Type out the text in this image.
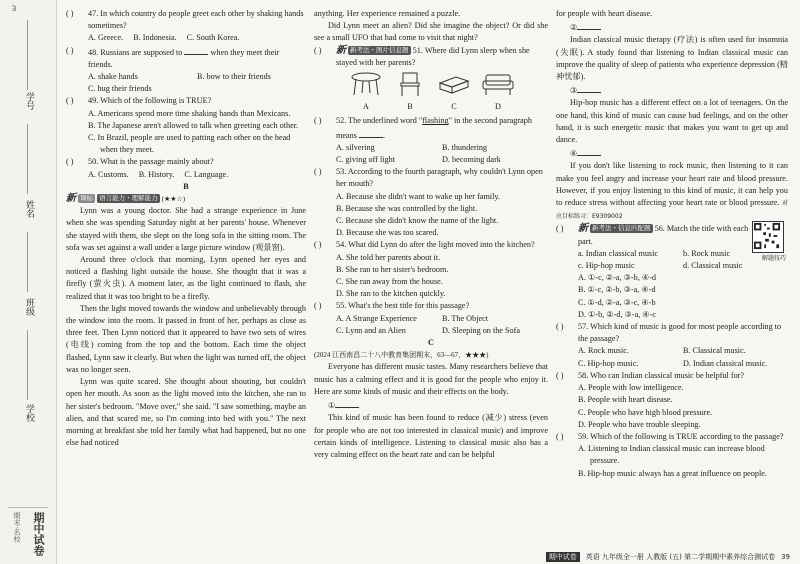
3
学号
姓名
班级
学校
期中试卷
期末·名校
( )	47. In which country do people greet each other by shaking hands sometimes?
A. Greece. B. Indonesia. C. South Korea.
( )	48. Russians are supposed to	when they meet their friends.
A. shake hands	B. bow to their friends
C. hug their friends
( )	49. Which of the following is TRUE?
A. Americans spend more time shaking hands than Mexicans.
B. The Japanese aren't allowed to talk when greeting each other.
C. In Brazil, people are used to patting each other on the head when they meet.
( )	50. What is the passage mainly about?
A. Customs. B. History. C. Language.

B

新 课标 语言能力・理解能力 (★★☆)

Lynn was a young doctor. She had a strange experience in June when she was spending Saturday night at her parents' house. Whenever she stayed with them, she slept on the long sofa in the sitting room. The sofa was set against a wall under a large picture window (观景窗).

Around three o'clock that morning, Lynn opened her eyes and noticed a flashing light outside the house. She thought that it was a firefly (萤火虫). A moment later, as the light continued to flash, she realized that it was too bright to be a firefly.

Then the light moved towards the window and unbelievably through the window into the room. It passed in front of her, perhaps as close as three feet. Then Lynn noticed that it appeared to have two sets of wires (电线) coming from the top and the bottom. Each time the object flashed, Lynn saw it clearly. But when the light was turned off, the object was no longer seen.

Lynn was quite scared. She thought about shouting, but couldn't open her mouth. As soon as the light moved into the kitchen, she ran to her sister's bedroom. "Move over," she said. "I saw something, maybe an alien, and that scared me, so I'm coming into bed with you." The next morning at breakfast she told her family what had happened, but no one else had noticed

anything. Her experience remained a puzzle.

Did Lynn meet an alien? Did she imagine the object? Or did she see a small UFO that had come to visit that night?

( )	新 新考法・图片信息题 51. Where did Lynn sleep when she stayed with her parents?
A	B	C	D
( )	52. The underlined word "flashing" in the second paragraph means	.
A. silvering	B. thundering
C. giving off light	D. becoming dark
( )	53. According to the fourth paragraph, why couldn't Lynn open her mouth?
A. Because she didn't want to wake up her family.
B. Because she was controlled by the light.
C. Because she didn't know the name of the light.
D. Because she was too scared.
( )	54. What did Lynn do after the light moved into the kitchen?
A. She told her parents about it.
B. She ran to her sister's bedroom.
C. She ran away from the house.
D. She ran to the kitchen quickly.
( )	55. What's the best title for this passage?
A. A Strange Experience	B. The Object
C. Lynn and an Alien	D. Sleeping on the Sofa

C

(2024 江西南昌二十八中教育集团期末，63—67，★★★)

Everyone has different music tastes. Many researchers believe that music has a calming effect and it is good for the people who enjoy it. Here are some kinds of music and their effects on the body.

①

This kind of music has been found to reduce (减少) stress (even for people who are not too interested in classical music) and improve certain kinds of intelligence. Listening to classical music also has a very calming effect on the heart rate and can be helpful

for people with heart disease.

②

Indian classical music therapy (疗法) is often used for insomnia (失眠). A study found that listening to Indian classical music can improve the quality of sleep of patients who experience depression (精神忧郁).

③

Hip-hop music has a different effect on a lot of teenagers. On the one hand, this kind of music can cause bad feelings, and on the other hand, it is such energetic music that makes you want to get up and dance.

④

If you don't like listening to rock music, then listening to it can make you feel angry and increase your heart rate and blood pressure. However, if you enjoy listening to this kind of music, it can help you to reduce stress without affecting your heart rate or blood pressure. 对应目标练习：E9309002

( )	新 新考法・信息匹配题 56. Match the title with each part.
解题技巧
a. Indian classical music	b. Rock music
c. Hip-hop music	d. Classical music
A. ①-c, ②-a, ③-b, ④-d
B. ①-c, ②-b, ③-a, ④-d
C. ①-d, ②-a, ③-c, ④-b
D. ①-b, ②-d, ③-a, ④-c
( )	57. Which kind of music is good for most people according to the passage?
A. Rock music.	B. Classical music.
C. Hip-hop music.	D. Indian classical music.
( )	58. Who can Indian classical music be helpful for?
A. People with low intelligence.
B. People with heart disease.
C. People who have high blood pressure.
D. People who have trouble sleeping.
( )	59. Which of the following is TRUE according to the passage?
A. Listening to Indian classical music can increase blood pressure.
B. Hip-hop music always has a great influence on people.
期中试卷	英语 九年级全一册 人教版 (五) 第二学期期中素养综合测试卷 39
